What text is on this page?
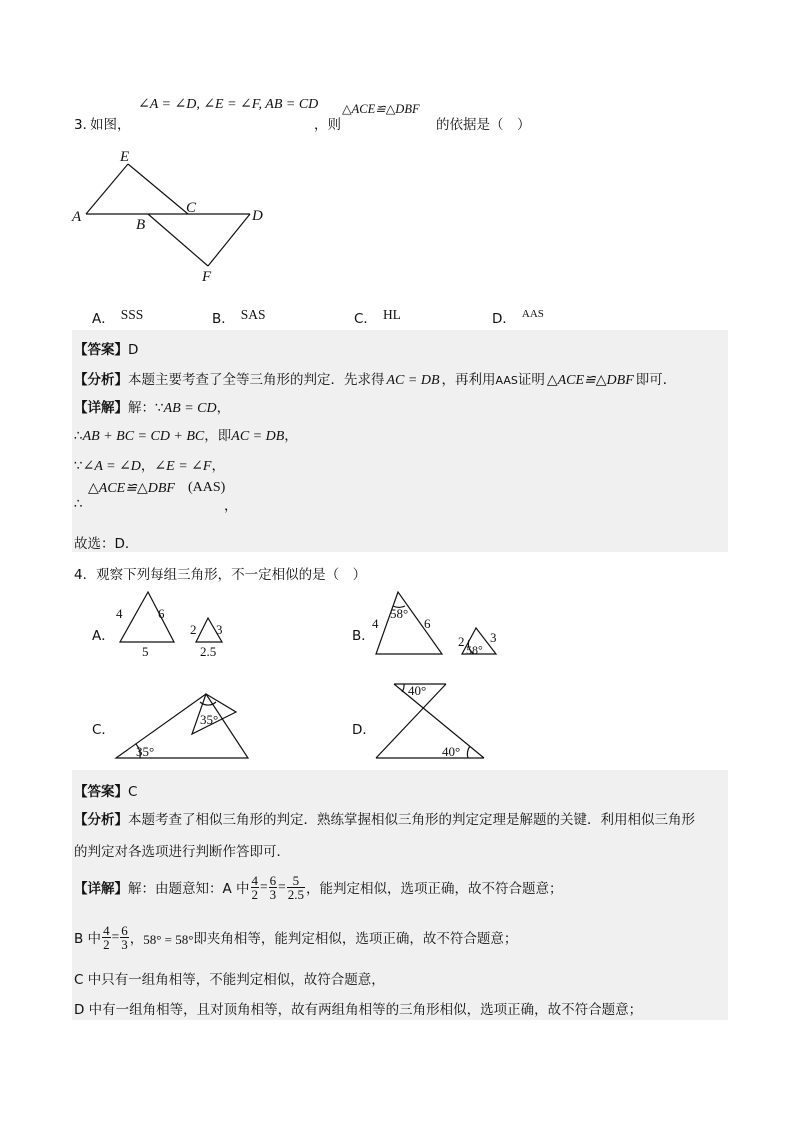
3．
如图，
∠A = ∠D, ∠E = ∠F, AB = CD
，则
△ACE≌△DBF
的依据是（　）
E
A	B
C	D
F
A． SSS	B． SAS	C． HL	D． $^{AAS}$
【答案】D
【分析】本题主要考查了全等三角形的判定．先求得 AC = DB ，再利用AAS证明 △ACE≌△DBF 即可．
【详解】解：∵AB = CD，
∴AB + BC = CD + BC，即AC = DB，
∵∠A = ∠D，∠E = ∠F，
∴
△ACE≌△DBF (AAS)
，
故选：D．
4．观察下列每组三角形，不一定相似的是（　）
A．
4	6
5
2 3
2.5
B．
4
58°
6
2 3
58°
C．
35°
35°
D．
40°
40°
【答案】C
【分析】本题考查了相似三角形的判定．熟练掌握相似三角形的判定定理是解题的关键．利用相似三角形
的判定对各选项进行判断作答即可．
【详解】 解：由题意知：A 中 $\frac{4}{2} = \frac{6}{3} = \frac{5}{2.5}$ ，能判定相似，选项正确，故不符合题意；
B 中 $\frac{4}{2} = \frac{6}{3}$ ， 58° = 58° 即夹角相等，能判定相似，选项正确，故不符合题意；
C 中只有一组角相等，不能判定相似，故符合题意，
D 中有一组角相等，且对顶角相等，故有两组角相等的三角形相似，选项正确，故不符合题意；
